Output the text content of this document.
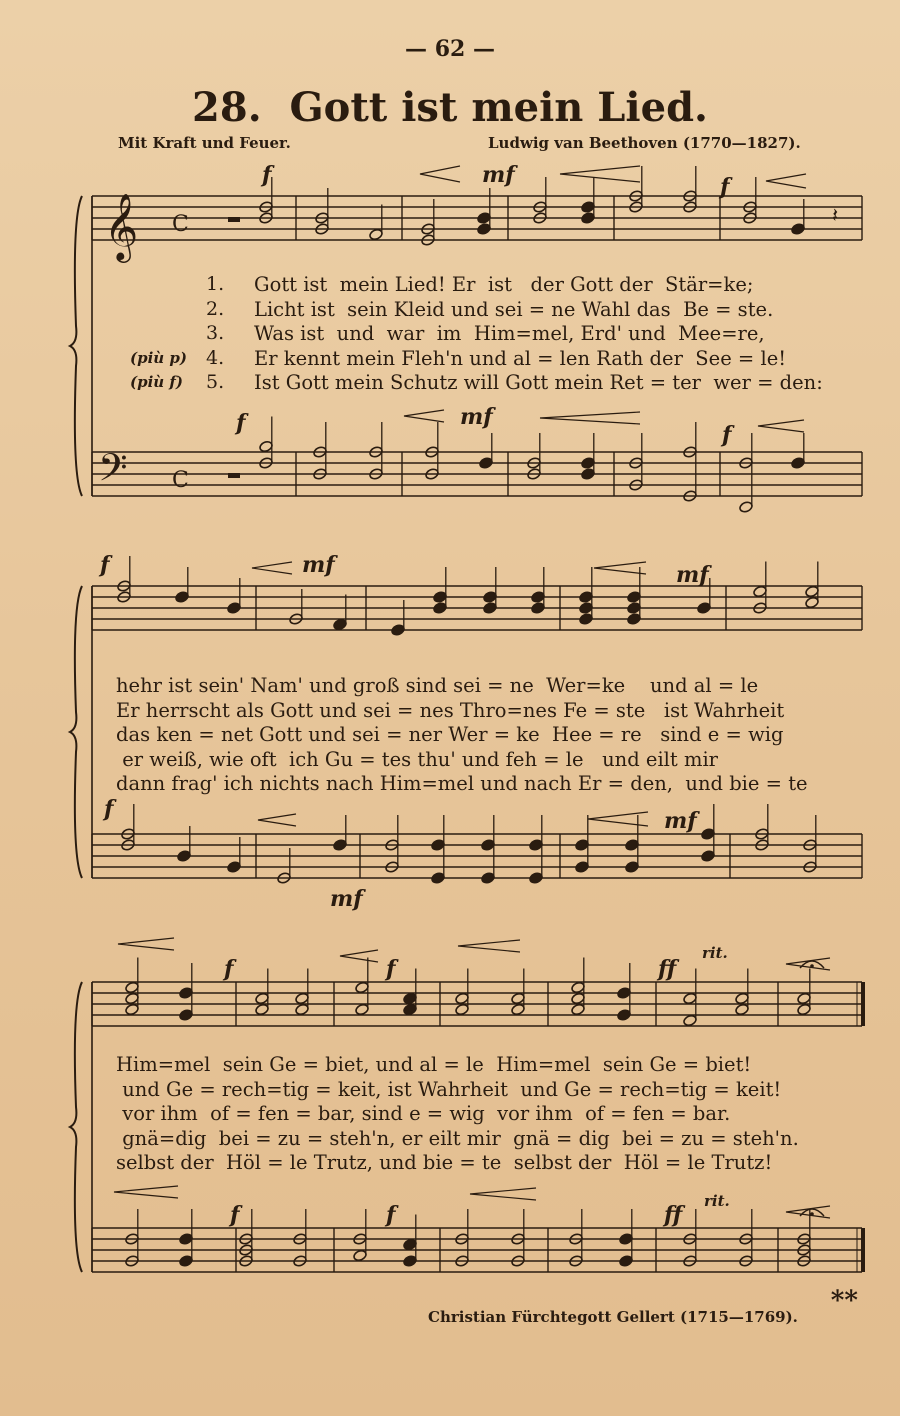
— 62 —
28. Gott ist mein Lied.
Mit Kraft und Feuer.	Ludwig van Beethoven (1770—1827).
𝄞
𝄢
C
C
f	mf	f
f	mf
f
f	mf	mf
f
mf
mf
f	f	ff
f	f	ff
rit.
rit.
𝄽
1. Gott ist  mein Lied! Er  ist   der Gott der  Stär=ke;
2. Licht ist  sein Kleid und sei = ne Wahl das  Be = ste.
3. Was ist  und  war  im  Him=mel, Erd' und  Mee=re,
4.
(più p)	Er kennt mein Fleh'n und al = len Rath der  See = le!
5.
(più f)	Ist Gott mein Schutz will Gott mein Ret = ter  wer = den:
hehr ist sein' Nam' und groß sind sei = ne  Wer=ke    und al = le
Er herrscht als Gott und sei = nes Thro=nes Fe = ste   ist Wahrheit
das ken = net Gott und sei = ner Wer = ke  Hee = re   sind e = wig
er weiß, wie oft  ich Gu = tes thu' und feh = le   und eilt mir
dann frag' ich nichts nach Him=mel und nach Er = den,  und bie = te
Him=mel  sein Ge = biet, und al = le  Him=mel  sein Ge = biet!
und Ge = rech=tig = keit, ist Wahrheit  und Ge = rech=tig = keit!
vor ihm  of = fen = bar, sind e = wig  vor ihm  of = fen = bar.
gnä=dig  bei = zu = steh'n, er eilt mir  gnä = dig  bei = zu = steh'n.
selbst der  Höl = le Trutz, und bie = te  selbst der  Höl = le Trutz!
**
Christian Fürchtegott Gellert (1715—1769).
